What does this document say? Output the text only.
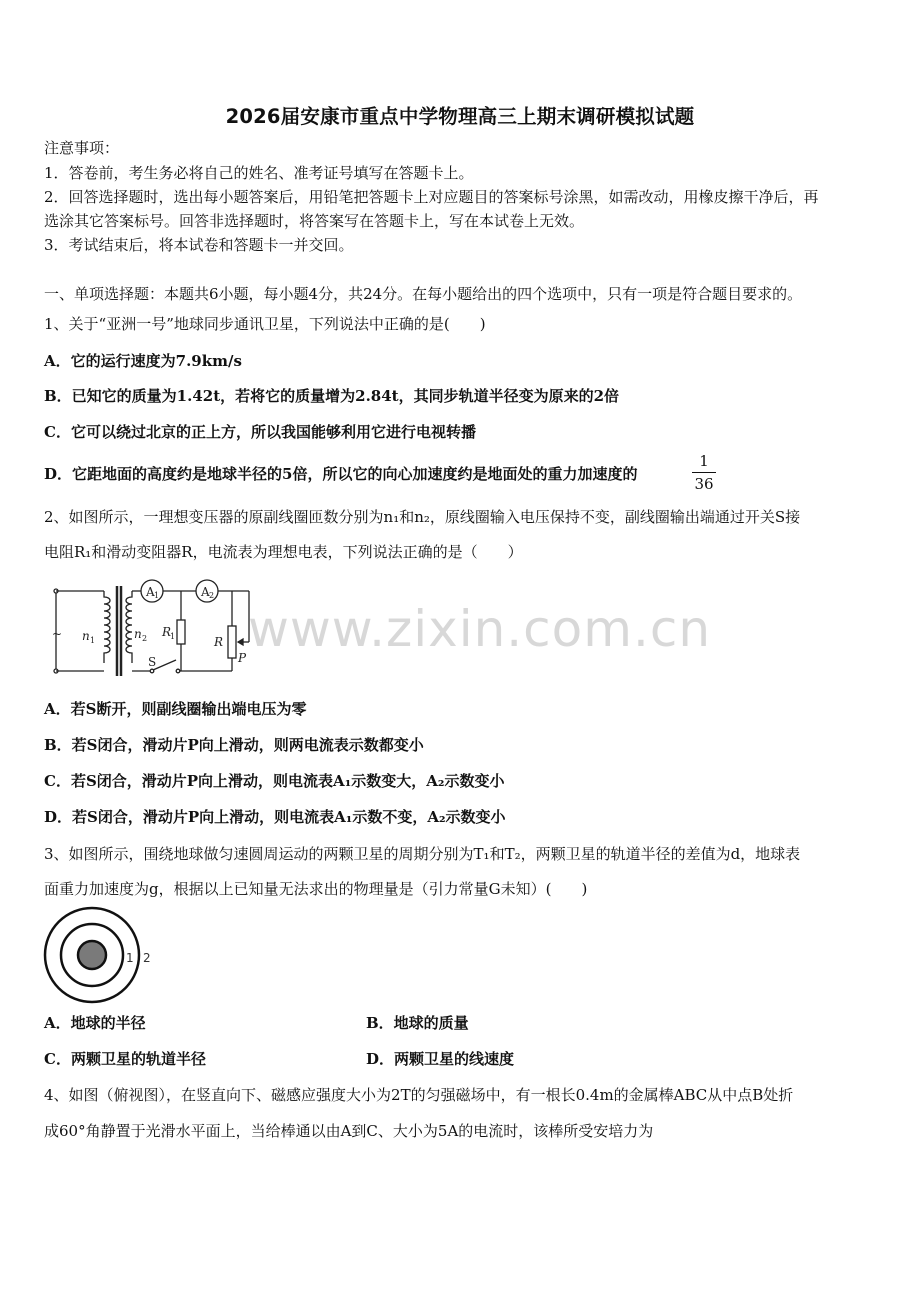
2026届安康市重点中学物理高三上期末调研模拟试题
注意事项：
1．答卷前，考生务必将自己的姓名、准考证号填写在答题卡上。
2．回答选择题时，选出每小题答案后，用铅笔把答题卡上对应题目的答案标号涂黑，如需改动，用橡皮擦干净后，再
选涂其它答案标号。回答非选择题时，将答案写在答题卡上，写在本试卷上无效。
3．考试结束后，将本试卷和答题卡一并交回。
一、单项选择题：本题共6小题，每小题4分，共24分。在每小题给出的四个选项中，只有一项是符合题目要求的。
1、关于“亚洲一号”地球同步通讯卫星，下列说法中正确的是(　　)
A．它的运行速度为7.9km/s
B．已知它的质量为1.42t，若将它的质量增为2.84t，其同步轨道半径变为原来的2倍
C．它可以绕过北京的正上方，所以我国能够利用它进行电视转播
D．它距地面的高度约是地球半径的5倍，所以它的向心加速度约是地面处的重力加速度的
1
36
2、如图所示，一理想变压器的原副线圈匝数分别为n₁和n₂，原线圈输入电压保持不变，副线圈输出端通过开关S接
电阻R₁和滑动变阻器R，电流表为理想电表，下列说法正确的是（　　）
~ n 1	n 2
A 1	A 2
R
1	R
P
S
www.zixin.com.cn
A．若S断开，则副线圈输出端电压为零
B．若S闭合，滑动片P向上滑动，则两电流表示数都变小
C．若S闭合，滑动片P向上滑动，则电流表A₁示数变大，A₂示数变小
D．若S闭合，滑动片P向上滑动，则电流表A₁示数不变，A₂示数变小
3、如图所示，围绕地球做匀速圆周运动的两颗卫星的周期分别为T₁和T₂，两颗卫星的轨道半径的差值为d，地球表
面重力加速度为g，根据以上已知量无法求出的物理量是（引力常量G未知）(　　)
1 2
A．地球的半径	B．地球的质量
C．两颗卫星的轨道半径	D．两颗卫星的线速度
4、如图（俯视图），在竖直向下、磁感应强度大小为2T的匀强磁场中，有一根长0.4m的金属棒ABC从中点B处折
成60°角静置于光滑水平面上，当给棒通以由A到C、大小为5A的电流时，该棒所受安培力为
